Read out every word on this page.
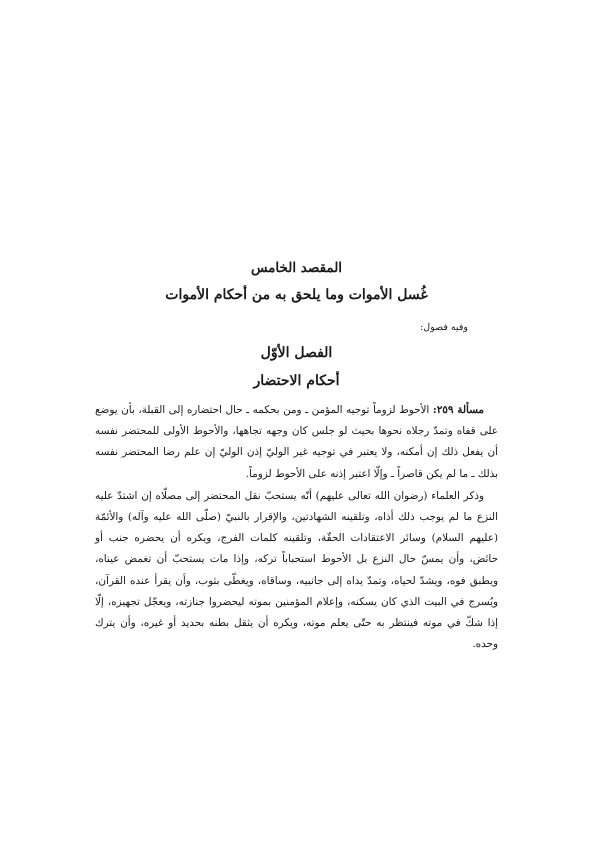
المقصد الخامس

غُسل الأموات وما يلحق به من أحكام الأموات

وفيه فصول:

الفصل الأوّل

أحكام الاحتضار

مسألة ٢٥٩: الأحوط لزوماً توجيه المؤمن ـ ومن بحكمه ـ حال احتضاره إلى القبلة، بأن يوضع على قفاه وتمدّ رجلاه نحوها بحيث لو جلس كان وجهه تجاهها، والأحوط الأولى للمحتضر نفسه أن يفعل ذلك إن أمكنه، ولا يعتبر في توجيه غير الوليّ إذن الوليّ إن علم رضا المحتضر نفسه بذلك ـ ما لم يكن قاصراً ـ وإلّا اعتبر إذنه على الأحوط لزوماً.

وذكر العلماء (رضوان الله تعالى عليهم) أنّه يستحبّ نقل المحتضر إلى مصلّاه إن اشتدّ عليه النزع ما لم يوجب ذلك أذاه، وتلقينه الشهادتين، والإقرار بالنبيّ (صلّى الله عليه وآله) والأئمّة (عليهم السلام) وسائر الاعتقادات الحقّة، وتلقينه كلمات الفرج، ويكره أن يحضره جنب أو حائض، وأن يمسّ حال النزع بل الأحوط استحباباً تركه، وإذا مات يستحبّ أن تغمض عيناه، ويطبق فوه، ويشدّ لحياه، وتمدّ يداه إلى جانبيه، وساقاه، ويغطّى بثوب، وأن يقرأ عنده القرآن، ويُسرج في البيت الذي كان يسكنه، وإعلام المؤمنين بموته ليحضروا جنازته، ويعجّل تجهيزه، إلّا إذا شكّ في موته فينتظر به حتّى يعلم موته، ويكره أن يثقل بطنه بحديد أو غيره، وأن يترك وحده.
